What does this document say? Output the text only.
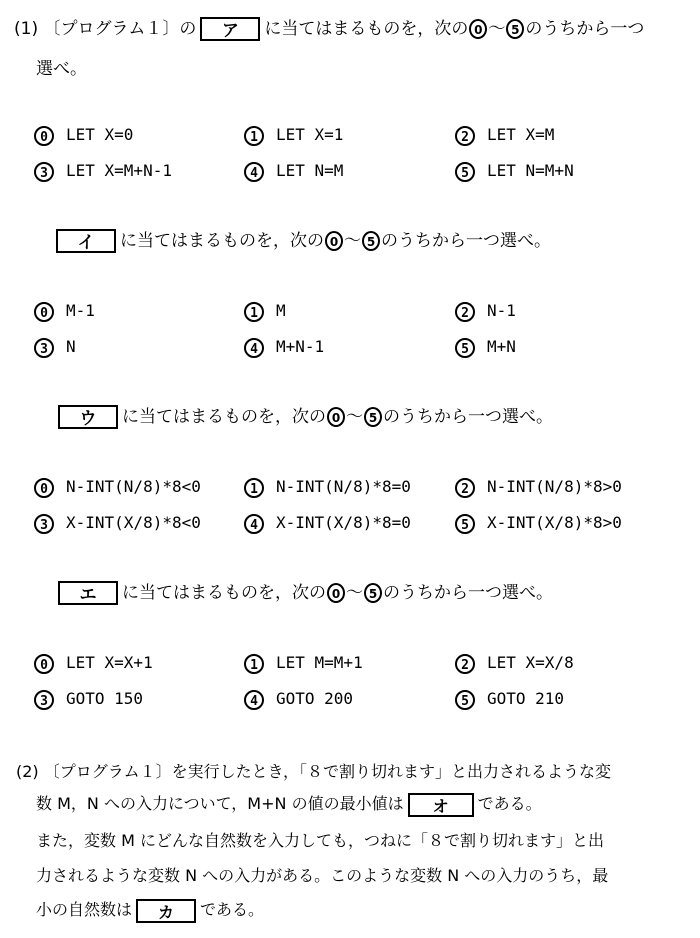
(1) 〔プログラム１〕の ア に当てはまるものを，次の 0 ～ 5 のうちから一つ
選べ。
0 LET X=0	1 LET X=1	2 LET X=M
3 LET X=M+N-1	4 LET N=M	5 LET N=M+N
イ に当てはまるものを，次の 0 ～ 5 のうちから一つ選べ。
0 M-1	1 M	2 N-1
3 N	4 M+N-1	5 M+N
ウ に当てはまるものを，次の 0 ～ 5 のうちから一つ選べ。
0 N-INT(N/8)*8<0	1 N-INT(N/8)*8=0	2 N-INT(N/8)*8>0
3 X-INT(X/8)*8<0	4 X-INT(X/8)*8=0	5 X-INT(X/8)*8>0
エ に当てはまるものを，次の 0 ～ 5 のうちから一つ選べ。
0 LET X=X+1	1 LET M=M+1	2 LET X=X/8
3 GOTO 150	4 GOTO 200	5 GOTO 210
(2) 〔プログラム１〕を実行したとき，「８で割り切れます」と出力されるような変
数 M，N への入力について，M+N の値の最小値は オ である。
また，変数 M にどんな自然数を入力しても，つねに「８で割り切れます」と出
力されるような変数 N への入力がある。このような変数 N への入力のうち，最
小の自然数は カ である。
